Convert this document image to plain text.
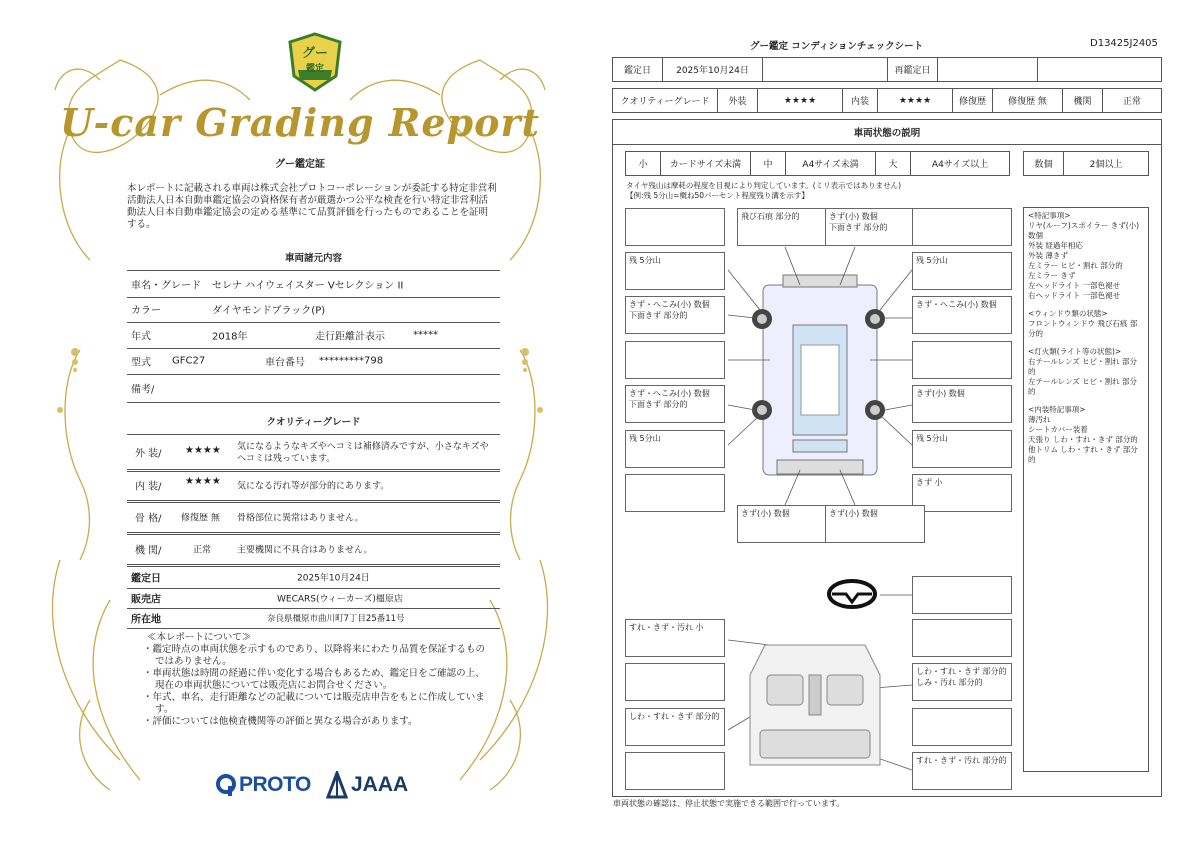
グー
鑑定
U-car Grading Report
グー鑑定証
本レポートに記載される車両は株式会社プロトコーポレーションが委託する特定非営利活動法人日本自動車鑑定協会の資格保有者が厳選かつ公平な検査を行い特定非営利活動法人日本自動車鑑定協会の定める基準にて品質評価を行ったものであることを証明する。
車両諸元内容
車名・グレード セレナ ハイウェイスター Vセレクション II
カラー	ダイヤモンドブラック(P)
年式	2018年	走行距離計表示	*****
型式 GFC27	車台番号 *********798
備考/
クオリティーグレード
外 装/ ★★★★ 気になるようなキズやヘコミは補修済みですが、小さなキズやヘコミは残っています。
内 装/ ★★★★ 気になる汚れ等が部分的にあります。
骨 格/ 修復歴 無 骨格部位に異常はありません。
機 関/	正常	主要機関に不具合はありません。
鑑定日	2025年10月24日
販売店	WECARS(ウィーカーズ)橿原店
所在地	奈良県橿原市曲川町7丁目25番11号

≪本レポートについて≫

・鑑定時点の車両状態を示すものであり、以降将来にわたり品質を保証するものではありません。

・車両状態は時間の経過に伴い変化する場合もあるため、鑑定日をご確認の上、現在の車両状態については販売店にお問合せください。

・年式、車名、走行距離などの記載については販売店申告をもとに作成しています。

・評価については他検査機関等の評価と異なる場合があります。

PROTO JAAA
グー鑑定 コンディションチェックシート	D13425J2405
鑑定日	2025年10月24日	再鑑定日
クオリティーグレード	外装	★★★★	内装	★★★★	修復歴	修復歴 無	機関	正常
車両状態の説明
小	カードサイズ未満	中	A4サイズ未満	大	A4サイズ以上	数個	2個以上
タイヤ残山は摩耗の程度を目視により判定しています。(ミリ表示ではありません)
【例:残 5分山=概ね50パーセント程度残り溝を示す】
飛び石痕 部分的	きず(小) 数個
下面きず 部分的
残 5分山	残 5分山
きず・へこみ(小) 数個
下面きず 部分的
きず・へこみ(小) 数個
きず・へこみ(小) 数個
下面きず 部分的
きず(小) 数個
残 5分山	残 5分山
きず 小
きず(小) 数個	きず(小) 数個
すれ・きず・汚れ 小
しわ・すれ・きず 部分的
しみ・汚れ 部分的
しわ・すれ・きず 部分的
すれ・きず・汚れ 部分的
<特記事項>
リヤ(ルーフ)スポイラー きず(小) 数個
外装 経過年相応
外装 薄きず
左ミラー ヒビ・割れ 部分的
左ミラー きず
左ヘッドライト 一部色褪せ
右ヘッドライト 一部色褪せ
<ウィンドウ類の状態>
フロントウィンドウ 飛び石痕 部分的
<灯火類(ライト等の状態)>
右テールレンズ ヒビ・割れ 部分的
左テールレンズ ヒビ・割れ 部分的
<内装特記事項>
薄汚れ
シートカバー装着
天張り しわ・すれ・きず 部分的
他トリム しわ・すれ・きず 部分的
車両状態の確認は、停止状態で実施できる範囲で行っています。
